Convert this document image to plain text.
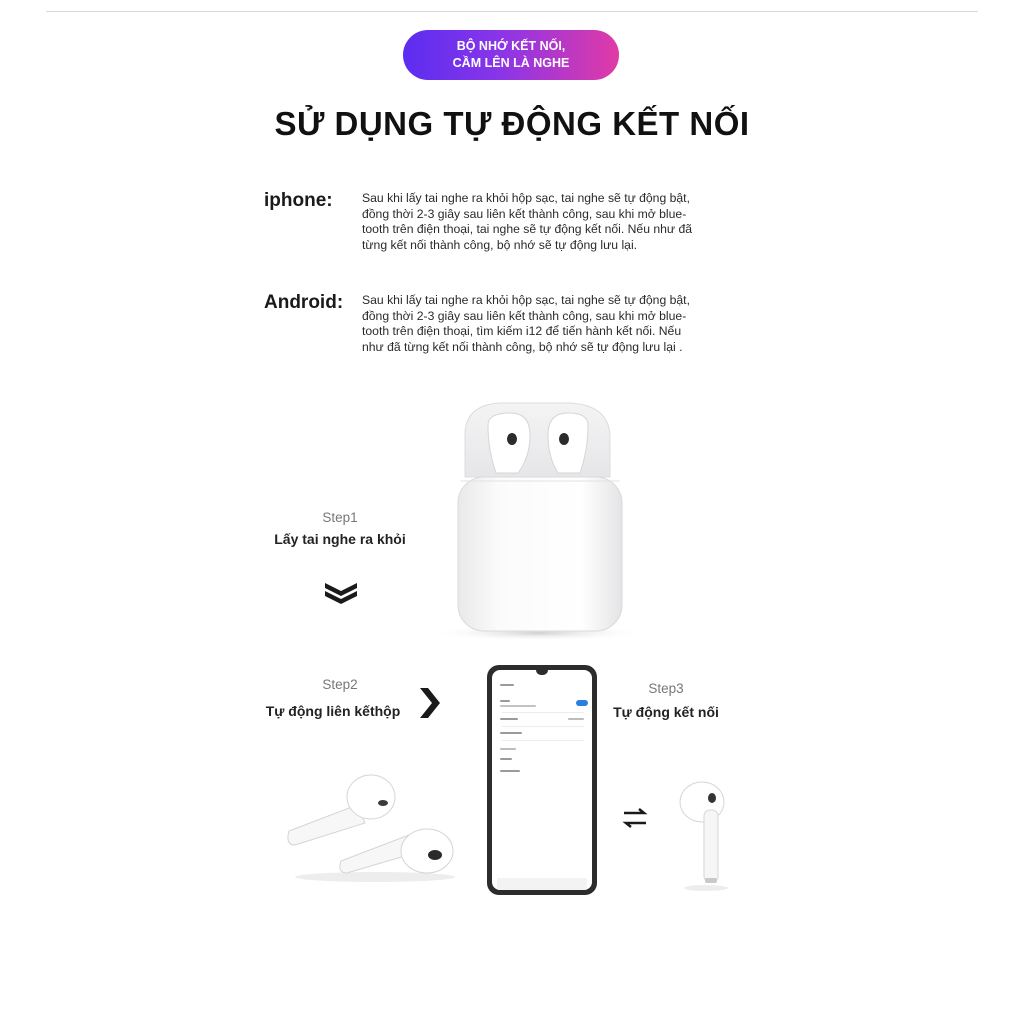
BỘ NHỚ KẾT NỐI,
CẦM LÊN LÀ NGHE
SỬ DỤNG TỰ ĐỘNG KẾT NỐI
iphone: Sau khi lấy tai nghe ra khỏi hộp sạc, tai nghe sẽ tự động bật,
đồng thời 2-3 giây sau liên kết thành công, sau khi mở blue-
tooth trên điện thoại, tai nghe sẽ tự động kết nối. Nếu như đã
từng kết nối thành công, bộ nhớ sẽ tự động lưu lại.
Android: Sau khi lấy tai nghe ra khỏi hộp sạc, tai nghe sẽ tự động bật,
đồng thời 2-3 giây sau liên kết thành công, sau khi mở blue-
tooth trên điện thoại, tìm kiếm i12 để tiến hành kết nối. Nếu
như đã từng kết nối thành công, bộ nhớ sẽ tự động lưu lại .
Step1
Lấy tai nghe ra khỏi
Step2
Tự động liên kếthộp
Step3
Tự động kết nối
